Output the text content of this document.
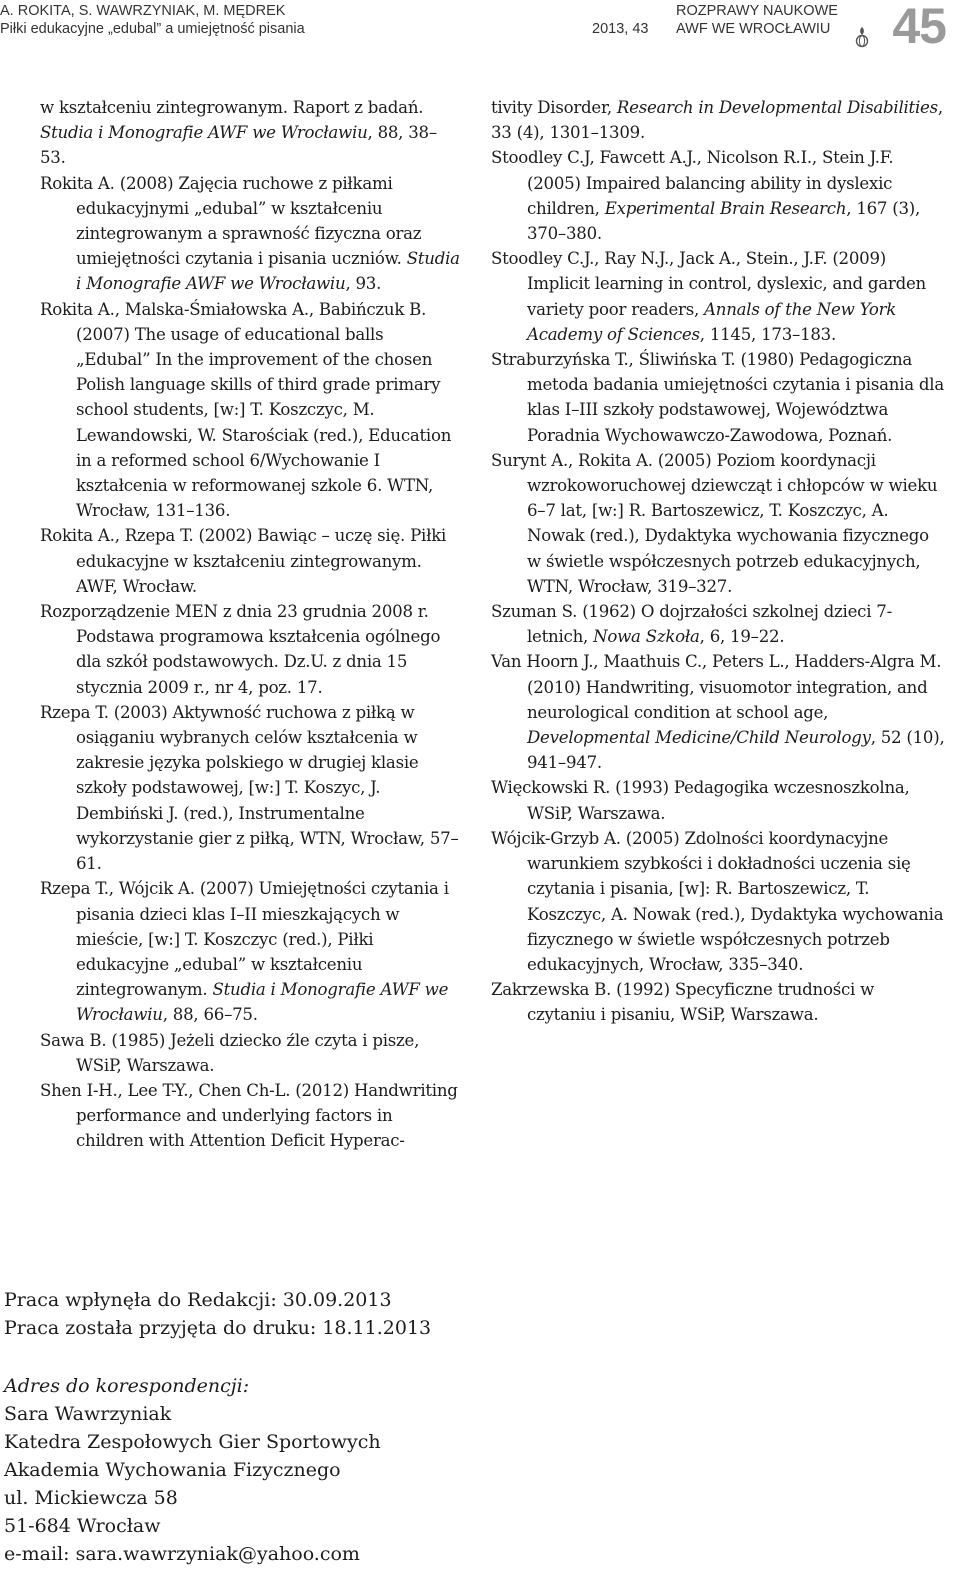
A. ROKITA, S. WAWRZYNIAK, M. MĘDREK
Piłki edukacyjne „edubal” a umiejętność pisania	2013, 43
ROZPRAWY NAUKOWE
AWF WE WROCŁAWIU 45

w kształceniu zintegrowanym. Raport z badań. Studia i Monografie AWF we Wrocławiu, 88, 38–53.

Rokita A. (2008) Zajęcia ruchowe z piłkami edukacyjnymi „edubal” w kształceniu zintegrowanym a sprawność fizyczna oraz umiejętności czytania i pisania uczniów. Studia i Monografie AWF we Wrocławiu, 93.

Rokita A., Malska-Śmiałowska A., Babińczuk B. (2007) The usage of educational balls „Edubal” In the improvement of the chosen Polish language skills of third grade primary school students, [w:] T. Koszczyc, M. Lewandowski, W. Starościak (red.), Education in a reformed school 6/Wychowanie I kształcenia w reformowanej szkole 6. WTN, Wrocław, 131–136.

Rokita A., Rzepa T. (2002) Bawiąc – uczę się. Piłki edukacyjne w kształceniu zintegrowanym. AWF, Wrocław.

Rozporządzenie MEN z dnia 23 grudnia 2008 r. Podstawa programowa kształcenia ogólnego dla szkół podstawowych. Dz.U. z dnia 15 stycznia 2009 r., nr 4, poz. 17.

Rzepa T. (2003) Aktywność ruchowa z piłką w osiąganiu wybranych celów kształcenia w zakresie języka polskiego w drugiej klasie szkoły podstawowej, [w:] T. Koszyc, J. Dembiński J. (red.), Instrumentalne wykorzystanie gier z piłką, WTN, Wrocław, 57–61.

Rzepa T., Wójcik A. (2007) Umiejętności czytania i pisania dzieci klas I–II mieszkających w mieście, [w:] T. Koszczyc (red.), Piłki edukacyjne „edubal” w kształceniu zintegrowanym. Studia i Monografie AWF we Wrocławiu, 88, 66–75.

Sawa B. (1985) Jeżeli dziecko źle czyta i pisze, WSiP, Warszawa.

Shen I-H., Lee T-Y., Chen Ch-L. (2012) Handwriting performance and underlying factors in children with Attention Deficit Hyperac-

tivity Disorder, Research in Developmental Disabilities, 33 (4), 1301–1309.

Stoodley C.J, Fawcett A.J., Nicolson R.I., Stein J.F. (2005) Impaired balancing ability in dyslexic children, Experimental Brain Research, 167 (3), 370–380.

Stoodley C.J., Ray N.J., Jack A., Stein., J.F. (2009) Implicit learning in control, dyslexic, and garden variety poor readers, Annals of the New York Academy of Sciences, 1145, 173–183.

Straburzyńska T., Śliwińska T. (1980) Pedagogiczna metoda badania umiejętności czytania i pisania dla klas I–III szkoły podstawowej, Województwa Poradnia Wychowawczo-Zawodowa, Poznań.

Surynt A., Rokita A. (2005) Poziom koordynacji wzrokoworuchowej dziewcząt i chłopców w wieku 6–7 lat, [w:] R. Bartoszewicz, T. Koszczyc, A. Nowak (red.), Dydaktyka wychowania fizycznego w świetle współczesnych potrzeb edukacyjnych, WTN, Wrocław, 319–327.

Szuman S. (1962) O dojrzałości szkolnej dzieci 7-letnich, Nowa Szkoła, 6, 19–22.

Van Hoorn J., Maathuis C., Peters L., Hadders-Algra M. (2010) Handwriting, visuomotor integration, and neurological condition at school age, Developmental Medicine/Child Neurology, 52 (10), 941–947.

Więckowski R. (1993) Pedagogika wczesnoszkolna, WSiP, Warszawa.

Wójcik-Grzyb A. (2005) Zdolności koordynacyjne warunkiem szybkości i dokładności uczenia się czytania i pisania, [w]: R. Bartoszewicz, T. Koszczyc, A. Nowak (red.), Dydaktyka wychowania fizycznego w świetle współczesnych potrzeb edukacyjnych, Wrocław, 335–340.

Zakrzewska B. (1992) Specyficzne trudności w czytaniu i pisaniu, WSiP, Warszawa.

Praca wpłynęła do Redakcji: 30.09.2013
Praca została przyjęta do druku: 18.11.2013
Adres do korespondencji:
Sara Wawrzyniak
Katedra Zespołowych Gier Sportowych
Akademia Wychowania Fizycznego
ul. Mickiewcza 58
51-684 Wrocław
e-mail: sara.wawrzyniak@yahoo.com
